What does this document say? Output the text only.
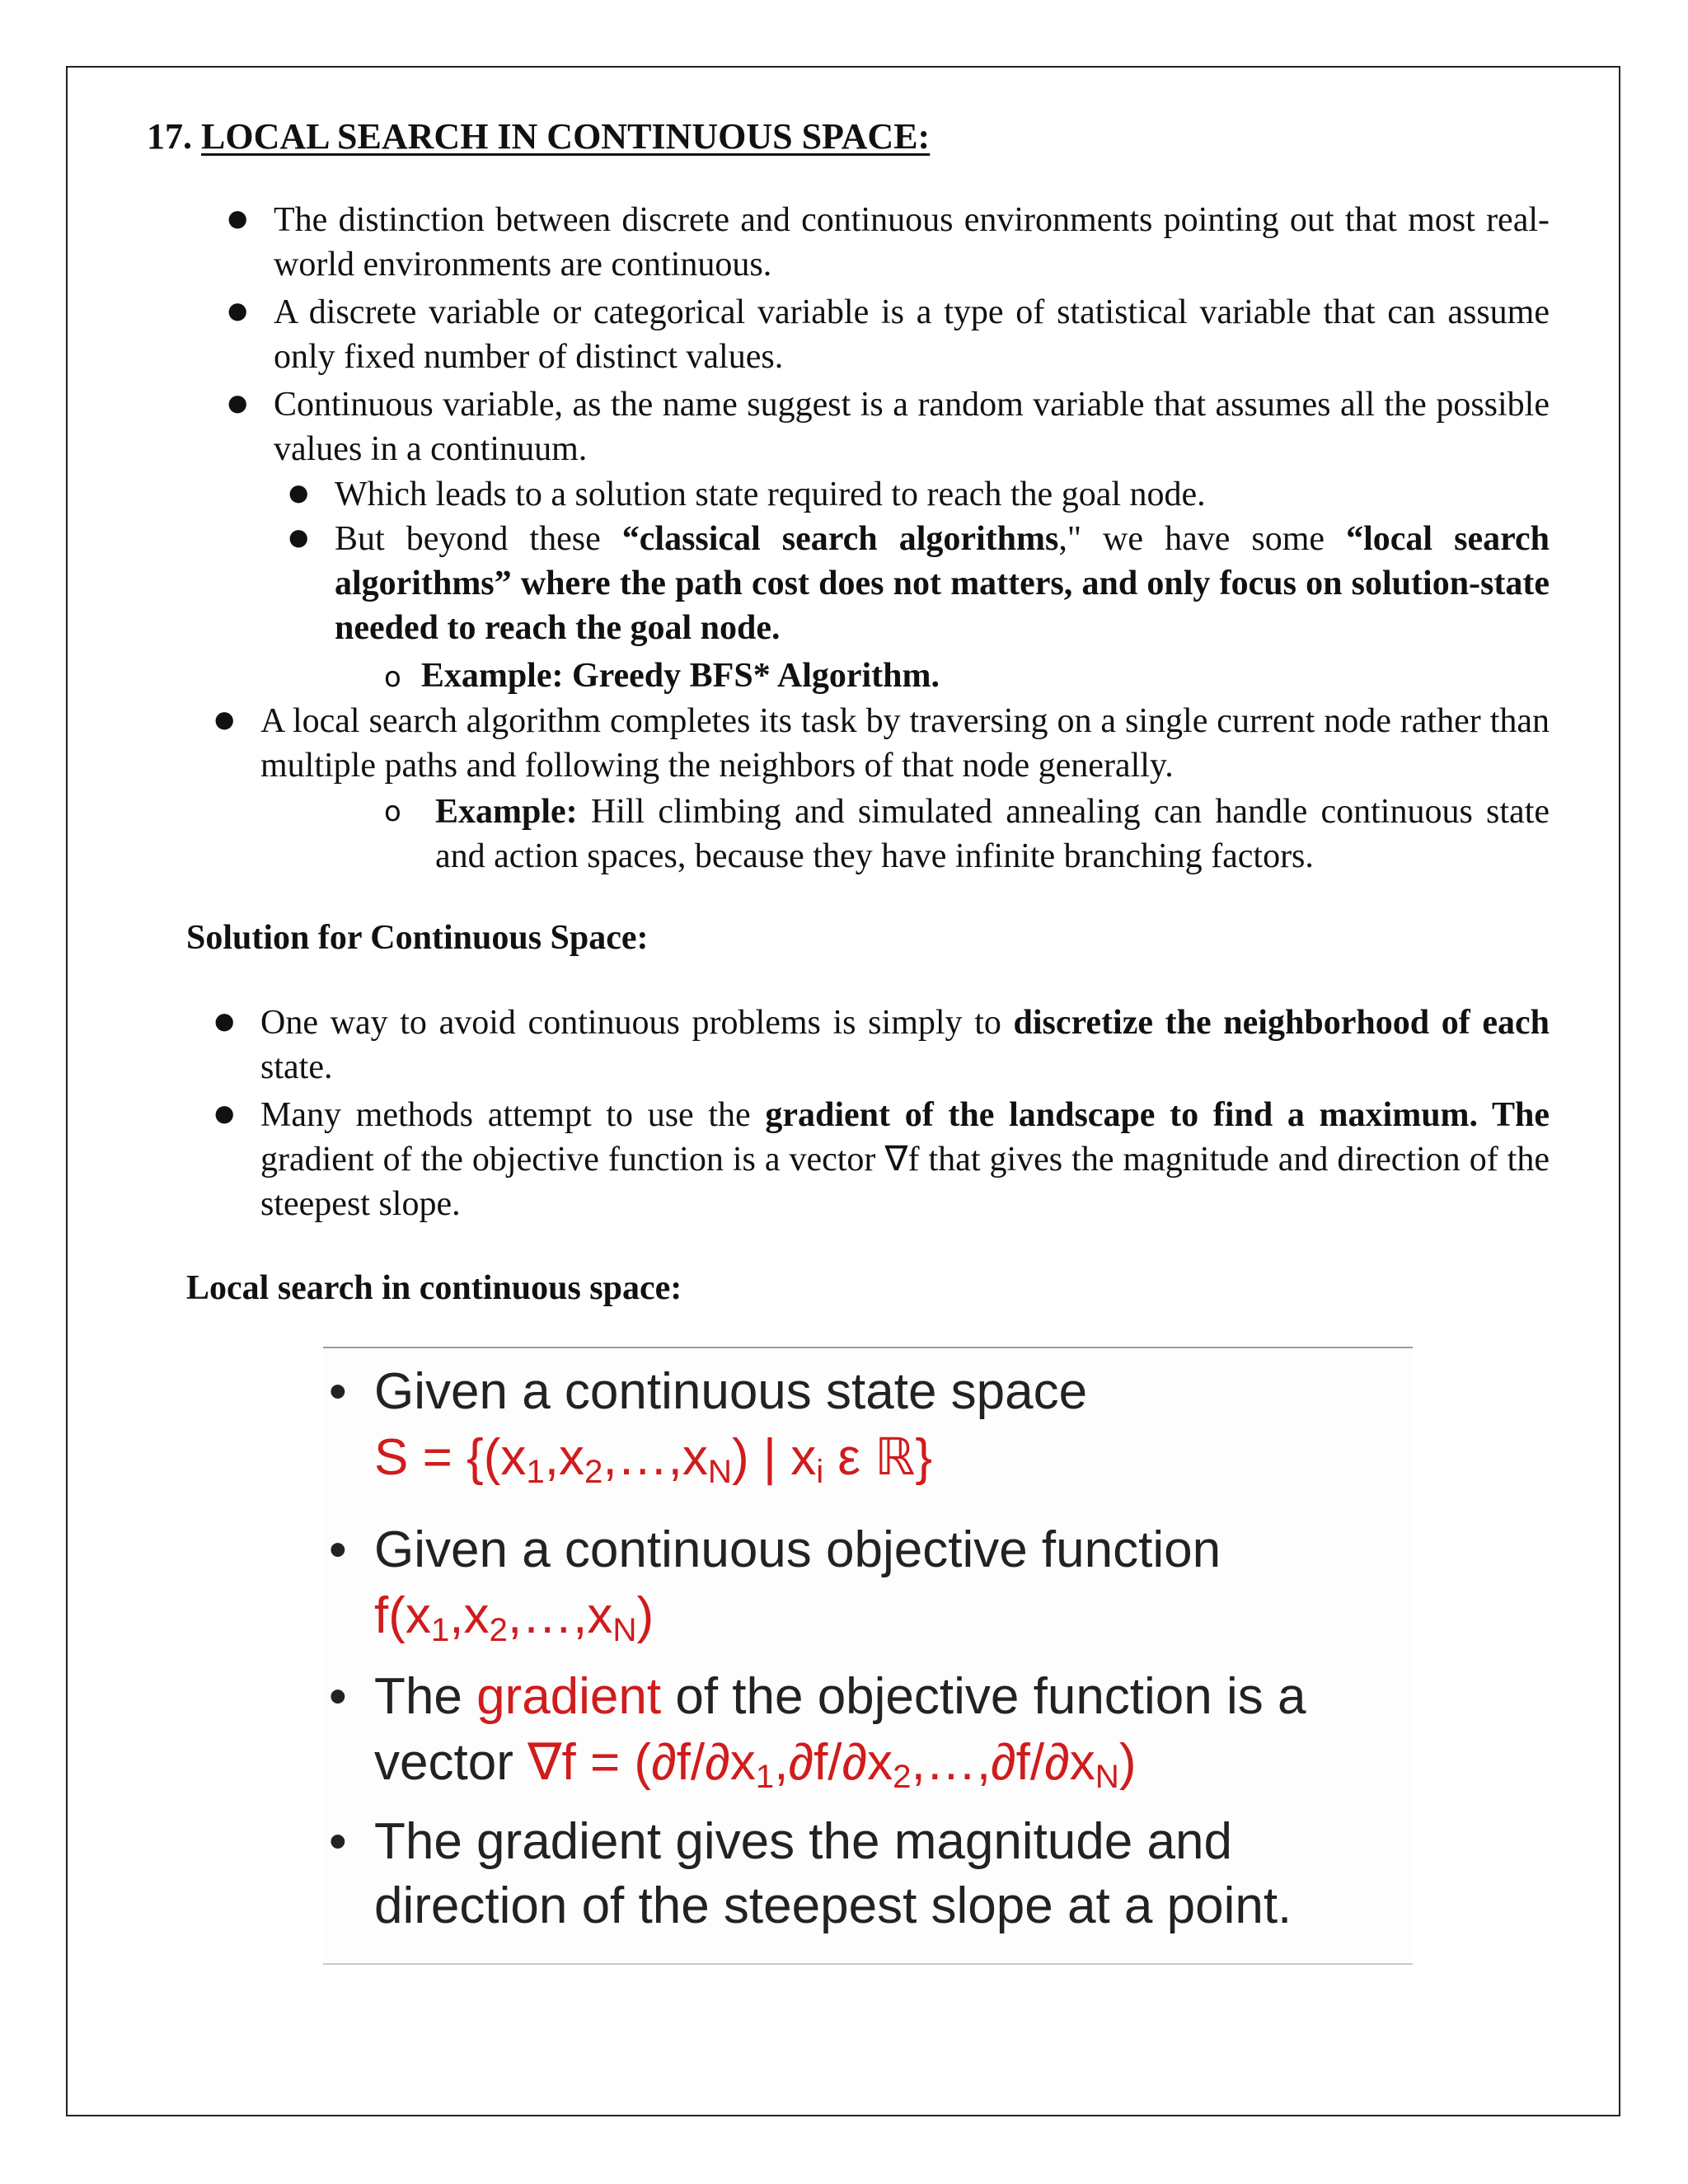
17. LOCAL SEARCH IN CONTINUOUS SPACE:
● The distinction between discrete and continuous environments pointing out that most real-world environments are continuous.
● A discrete variable or categorical variable is a type of statistical variable that can assume only fixed number of distinct values.
● Continuous variable, as the name suggest is a random variable that assumes all the possible values in a continuum.
● Which leads to a solution state required to reach the goal node.
● But beyond these “classical search algorithms," we have some “local search algorithms” where the path cost does not matters, and only focus on solution-state needed to reach the goal node.
o Example: Greedy BFS* Algorithm.
● A local search algorithm completes its task by traversing on a single current node rather than multiple paths and following the neighbors of that node generally.
o Example: Hill climbing and simulated annealing can handle continuous state and action spaces, because they have infinite branching factors.
Solution for Continuous Space:
● One way to avoid continuous problems is simply to discretize the neighborhood of each state.
● Many methods attempt to use the gradient of the landscape to find a maximum. The gradient of the objective function is a vector ∇f that gives the magnitude and direction of the steepest slope.
Local search in continuous space:
• Given a continuous state space
$S = \{(x_1,x_2,\dots,x_N)$ | $x_i$ ε ℝ}
• Given a continuous objective function
$f(x_1,x_2,\dots,x_N)$
• The gradient of the objective function is a
vector $\nabla f = (\partial f/\partial x_1,\partial f/\partial x_2,\dots,\partial f/\partial x_N)$
• The gradient gives the magnitude and
direction of the steepest slope at a point.
